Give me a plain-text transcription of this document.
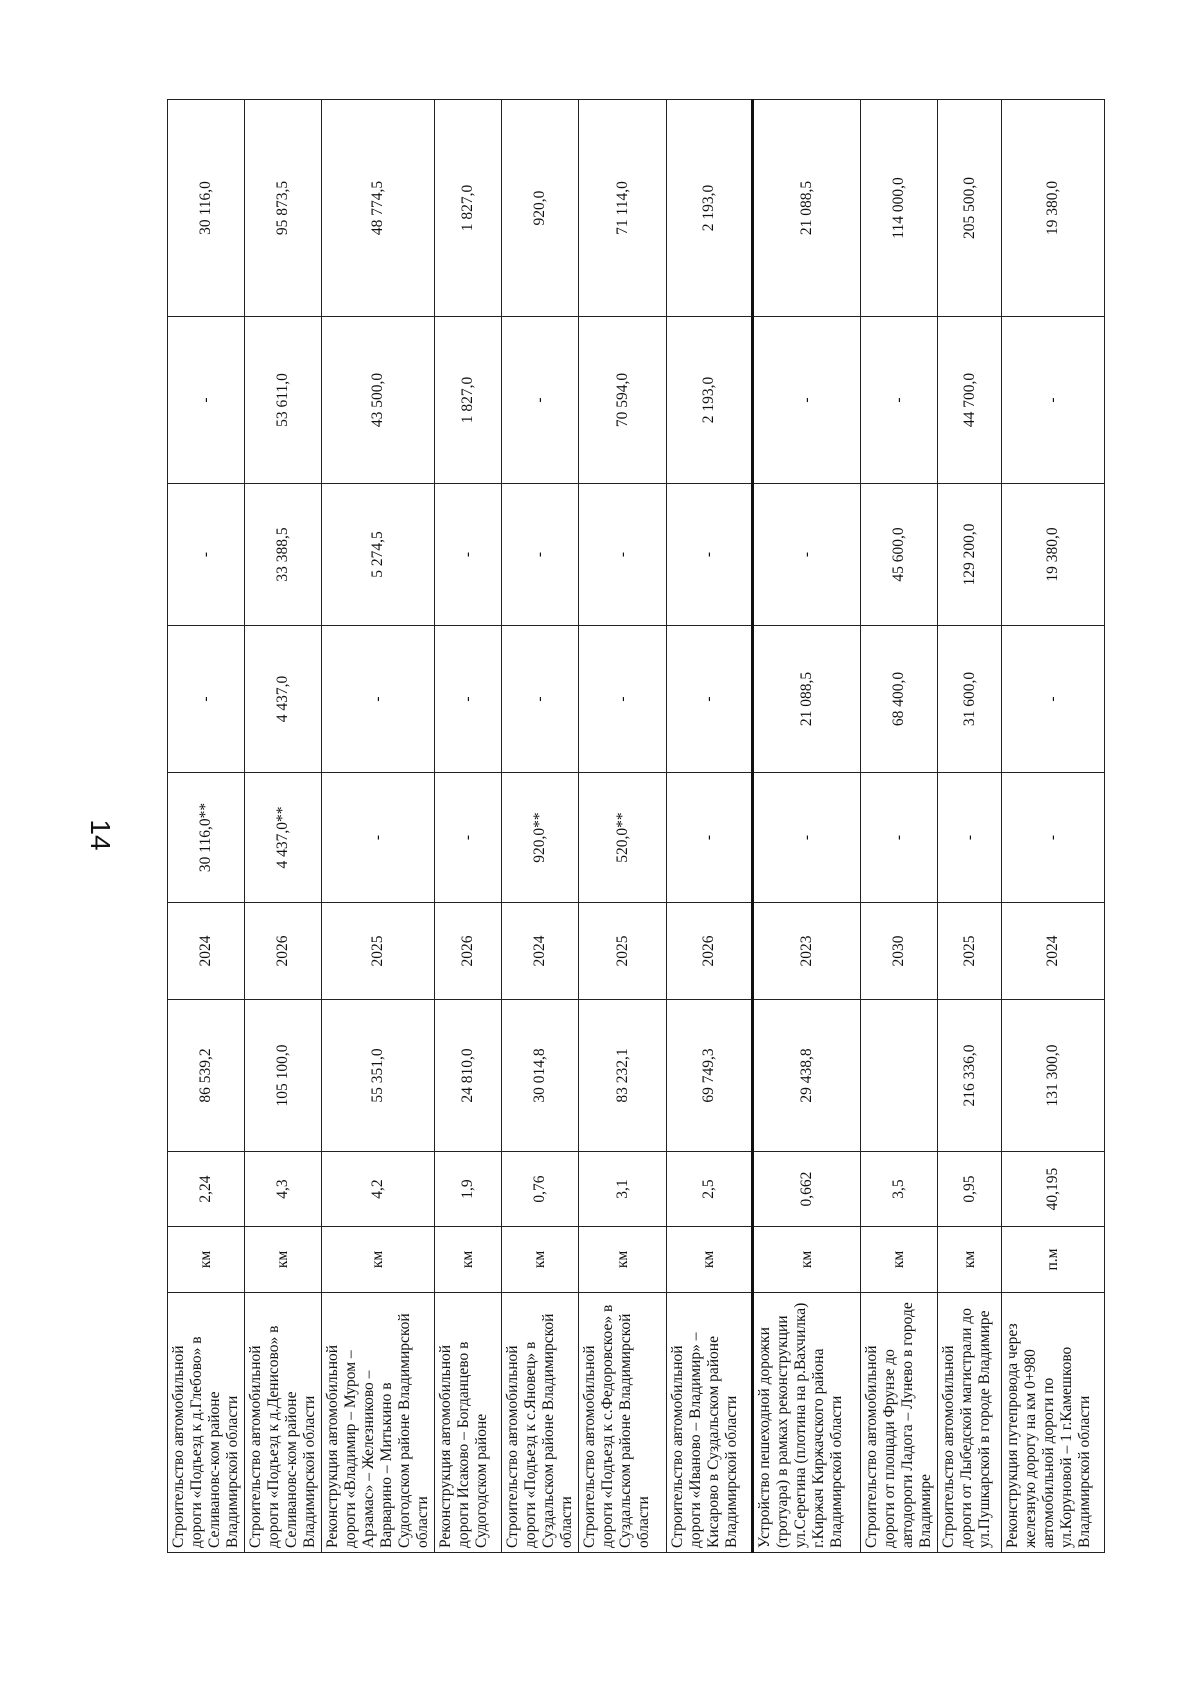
14
Строительство автомобильной дороги «Подъезд к д.Глебово» в Селивановс-ком районе Владимирской области	км	2,24	86 539,2	2024	30 116,0**	-	-	-	30 116,0
Строительство автомобильной дороги «Подъезд к д.Денисово» в Селивановс-ком районе Владимирской области	км	4,3	105 100,0	2026	4 437,0**	4 437,0	33 388,5	53 611,0	95 873,5
Реконструкция автомобильной дороги «Владимир – Муром – Арзамас» – Железниково – Варварино – Митькино в Судогодском районе Владимирской области	км	4,2	55 351,0	2025	-	-	5 274,5	43 500,0	48 774,5
Реконструкция автомобильной дороги Исаково – Богданцево в Судогодском районе	км	1,9	24 810,0	2026	-	-	-	1 827,0	1 827,0
Строительство автомобильной дороги «Подъезд к с.Яновец» в Суздальском районе Владимирской области	км	0,76	30 014,8	2024	920,0**	-	-	-	920,0
Строительство автомобильной дороги «Подъезд к с.Федоровское» в Суздальском районе Владимирской области	км	3,1	83 232,1	2025	520,0**	-	-	70 594,0	71 114,0
Строительство автомобильной дороги «Иваново – Владимир» – Кисарово в Суздальском районе Владимирской области	км	2,5	69 749,3	2026	-	-	-	2 193,0	2 193,0
Устройство пешеходной дорожки (тротуара) в рамках реконструкции ул.Серегина (плотина на р.Вахчилка) г.Киржач Киржачского района Владимирской области	км	0,662	29 438,8	2023	-	21 088,5	-	-	21 088,5
Строительство автомобильной дороги от площади Фрунзе до автодороги Ладога – Лунево в городе Владимире	км	3,5		2030	-	68 400,0	45 600,0	-	114 000,0
Строительство автомобильной дороги от Лыбедской магистрали до ул.Пушкарской в городе Владимире	км	0,95	216 336,0	2025	-	31 600,0	129 200,0	44 700,0	205 500,0
Реконструкция путепровода через железную дорогу на км 0+980 автомобильной дороги по ул.Коруновой – 1 г.Камешково Владимирской области	п.м	40,195	131 300,0	2024	-	-	19 380,0	-	19 380,0
